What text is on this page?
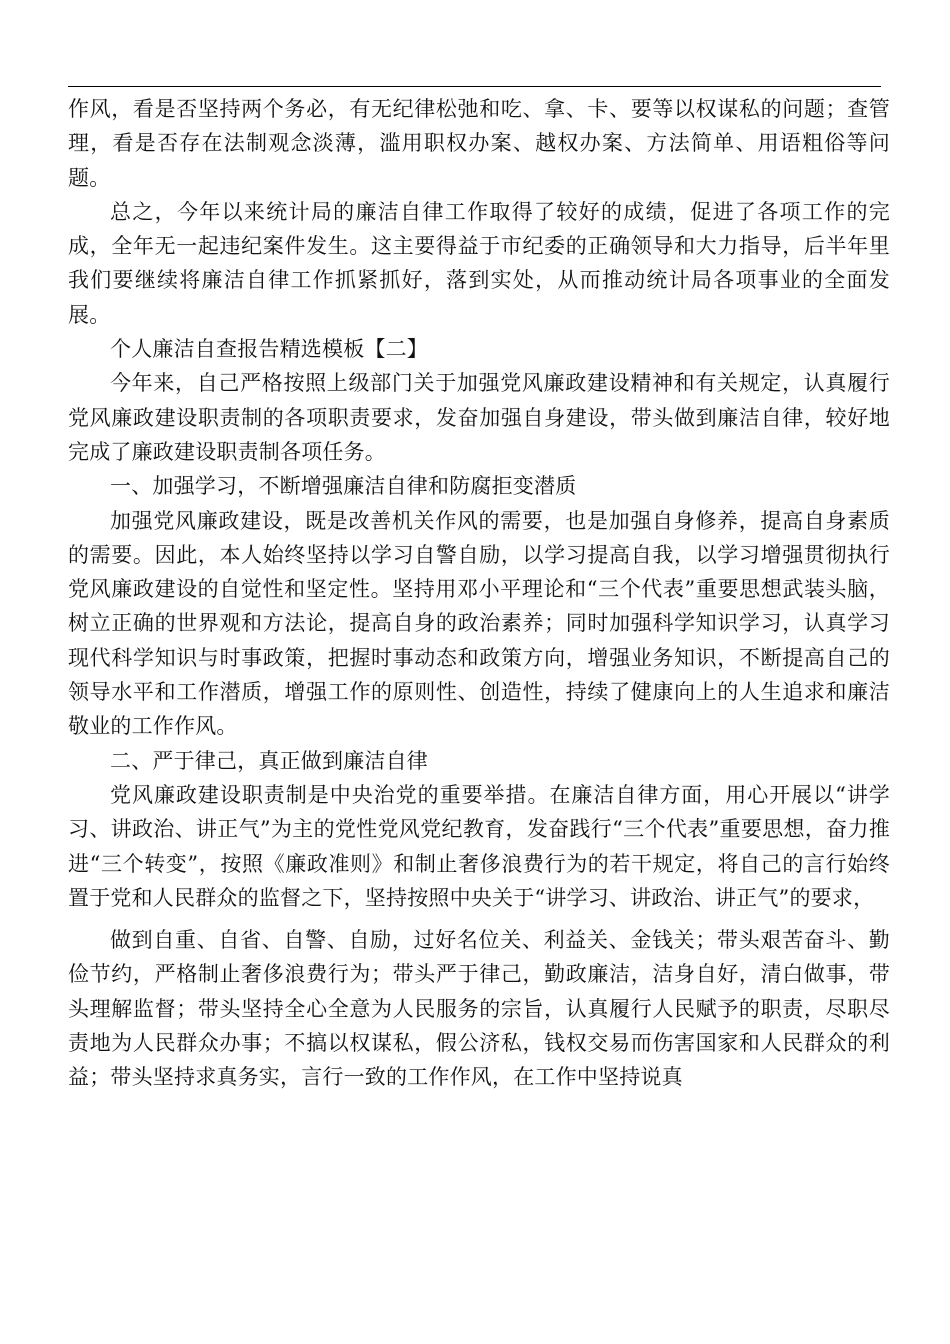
作风，看是否坚持两个务必，有无纪律松弛和吃、拿、卡、要等以权谋私的问题；查管理，看是否存在法制观念淡薄，滥用职权办案、越权办案、方法简单、用语粗俗等问题。

总之，今年以来统计局的廉洁自律工作取得了较好的成绩，促进了各项工作的完成，全年无一起违纪案件发生。这主要得益于市纪委的正确领导和大力指导，后半年里我们要继续将廉洁自律工作抓紧抓好，落到实处，从而推动统计局各项事业的全面发展。

个人廉洁自查报告精选模板【二】

今年来，自己严格按照上级部门关于加强党风廉政建设精神和有关规定，认真履行党风廉政建设职责制的各项职责要求，发奋加强自身建设，带头做到廉洁自律，较好地完成了廉政建设职责制各项任务。

一、加强学习，不断增强廉洁自律和防腐拒变潜质

加强党风廉政建设，既是改善机关作风的需要，也是加强自身修养，提高自身素质的需要。因此，本人始终坚持以学习自警自励，以学习提高自我，以学习增强贯彻执行党风廉政建设的自觉性和坚定性。坚持用邓小平理论和“三个代表”重要思想武装头脑，树立正确的世界观和方法论，提高自身的政治素养；同时加强科学知识学习，认真学习现代科学知识与时事政策，把握时事动态和政策方向，增强业务知识，不断提高自己的领导水平和工作潜质，增强工作的原则性、创造性，持续了健康向上的人生追求和廉洁敬业的工作作风。

二、严于律己，真正做到廉洁自律

党风廉政建设职责制是中央治党的重要举措。在廉洁自律方面，用心开展以“讲学习、讲政治、讲正气”为主的党性党风党纪教育，发奋践行“三个代表”重要思想，奋力推进“三个转变”，按照《廉政准则》和制止奢侈浪费行为的若干规定，将自己的言行始终置于党和人民群众的监督之下，坚持按照中央关于“讲学习、讲政治、讲正气”的要求，

做到自重、自省、自警、自励，过好名位关、利益关、金钱关；带头艰苦奋斗、勤俭节约，严格制止奢侈浪费行为；带头严于律己，勤政廉洁，洁身自好，清白做事，带头理解监督；带头坚持全心全意为人民服务的宗旨，认真履行人民赋予的职责，尽职尽责地为人民群众办事；不搞以权谋私，假公济私，钱权交易而伤害国家和人民群众的利益；带头坚持求真务实，言行一致的工作作风，在工作中坚持说真
